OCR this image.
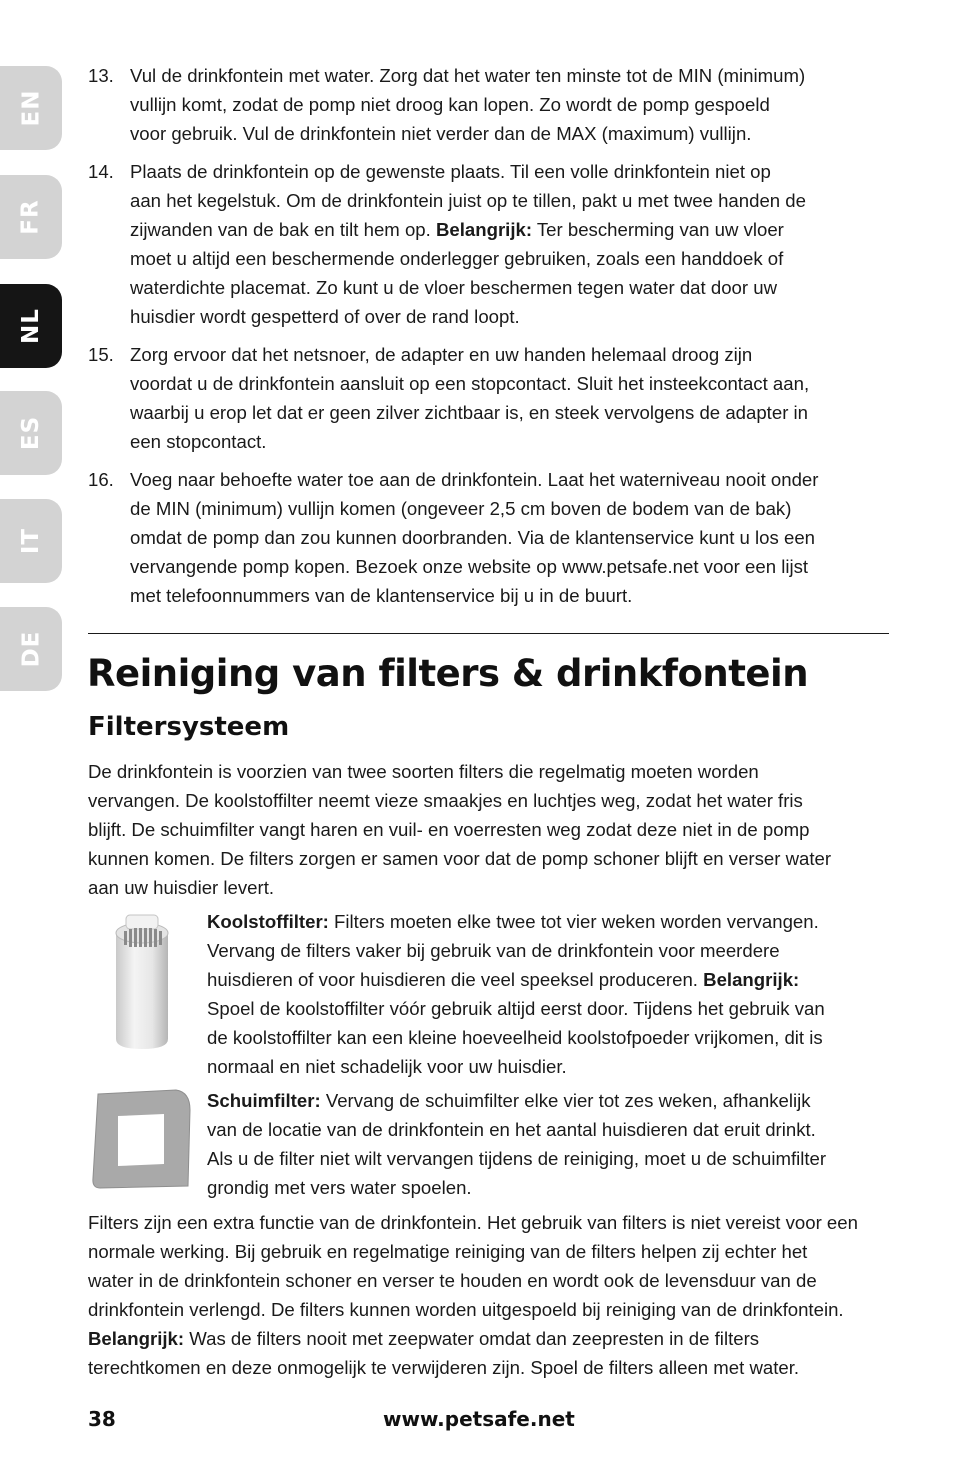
EN
FR
NL
ES
IT
DE
13. Vul de drinkfontein met water. Zorg dat het water ten minste tot de MIN (minimum)
vullijn komt, zodat de pomp niet droog kan lopen. Zo wordt de pomp gespoeld
voor gebruik. Vul de drinkfontein niet verder dan de MAX (maximum) vullijn.
14. Plaats de drinkfontein op de gewenste plaats. Til een volle drinkfontein niet op
aan het kegelstuk. Om de drinkfontein juist op te tillen, pakt u met twee handen de
zijwanden van de bak en tilt hem op. Belangrijk: Ter bescherming van uw vloer
moet u altijd een beschermende onderlegger gebruiken, zoals een handdoek of
waterdichte placemat. Zo kunt u de vloer beschermen tegen water dat door uw
huisdier wordt gespetterd of over de rand loopt.
15. Zorg ervoor dat het netsnoer, de adapter en uw handen helemaal droog zijn
voordat u de drinkfontein aansluit op een stopcontact. Sluit het insteekcontact aan,
waarbij u erop let dat er geen zilver zichtbaar is, en steek vervolgens de adapter in
een stopcontact.
16. Voeg naar behoefte water toe aan de drinkfontein. Laat het waterniveau nooit onder
de MIN (minimum) vullijn komen (ongeveer 2,5 cm boven de bodem van de bak)
omdat de pomp dan zou kunnen doorbranden. Via de klantenservice kunt u los een
vervangende pomp kopen. Bezoek onze website op www.petsafe.net voor een lijst
met telefoonnummers van de klantenservice bij u in de buurt.
Reiniging van filters & drinkfontein
Filtersysteem
De drinkfontein is voorzien van twee soorten filters die regelmatig moeten worden
vervangen. De koolstoffilter neemt vieze smaakjes en luchtjes weg, zodat het water fris
blijft. De schuimfilter vangt haren en vuil- en voerresten weg zodat deze niet in de pomp
kunnen komen. De filters zorgen er samen voor dat de pomp schoner blijft en verser water
aan uw huisdier levert.
Koolstoffilter: Filters moeten elke twee tot vier weken worden vervangen.
Vervang de filters vaker bij gebruik van de drinkfontein voor meerdere
huisdieren of voor huisdieren die veel speeksel produceren. Belangrijk:
Spoel de koolstoffilter vóór gebruik altijd eerst door. Tijdens het gebruik van
de koolstoffilter kan een kleine hoeveelheid koolstofpoeder vrijkomen, dit is
normaal en niet schadelijk voor uw huisdier.
Schuimfilter: Vervang de schuimfilter elke vier tot zes weken, afhankelijk
van de locatie van de drinkfontein en het aantal huisdieren dat eruit drinkt.
Als u de filter niet wilt vervangen tijdens de reiniging, moet u de schuimfilter
grondig met vers water spoelen.
Filters zijn een extra functie van de drinkfontein. Het gebruik van filters is niet vereist voor een
normale werking. Bij gebruik en regelmatige reiniging van de filters helpen zij echter het
water in de drinkfontein schoner en verser te houden en wordt ook de levensduur van de
drinkfontein verlengd. De filters kunnen worden uitgespoeld bij reiniging van de drinkfontein.
Belangrijk: Was de filters nooit met zeepwater omdat dan zeepresten in de filters
terechtkomen en deze onmogelijk te verwijderen zijn. Spoel de filters alleen met water.
38	www.petsafe.net
